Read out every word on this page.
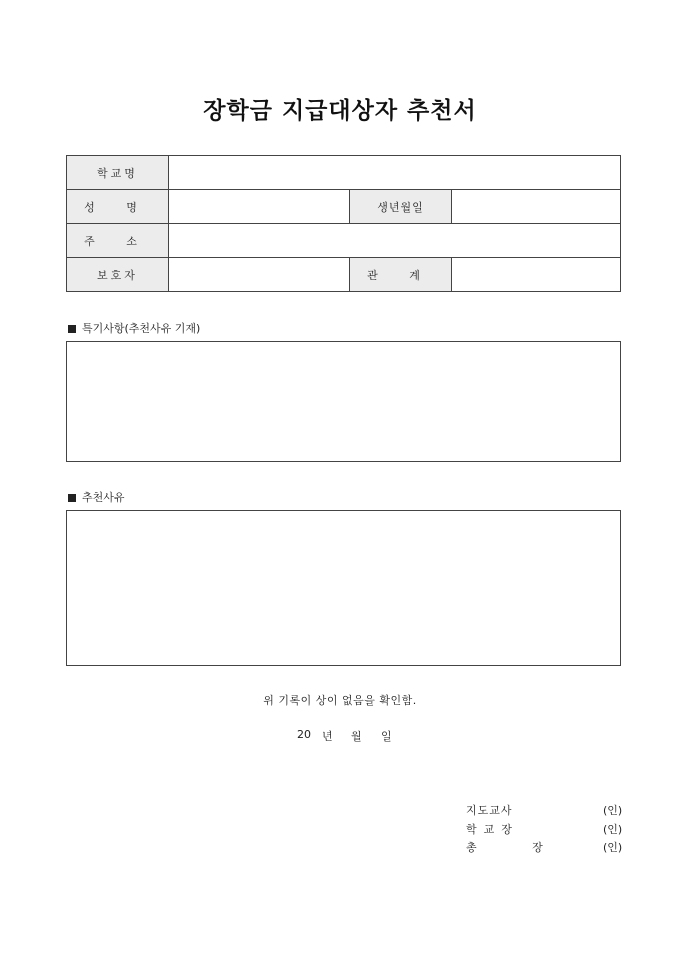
장학금 지급대상자 추천서
학교명			
성 명		생년월일	
주 소			
보호자		관 계	
특기사항(추천사유 기재)
추천사유
위 기록이 상이 없음을 확인함.
20 년 월 일
지도교사	(인)
학교장	(인)
총 장	(인)
